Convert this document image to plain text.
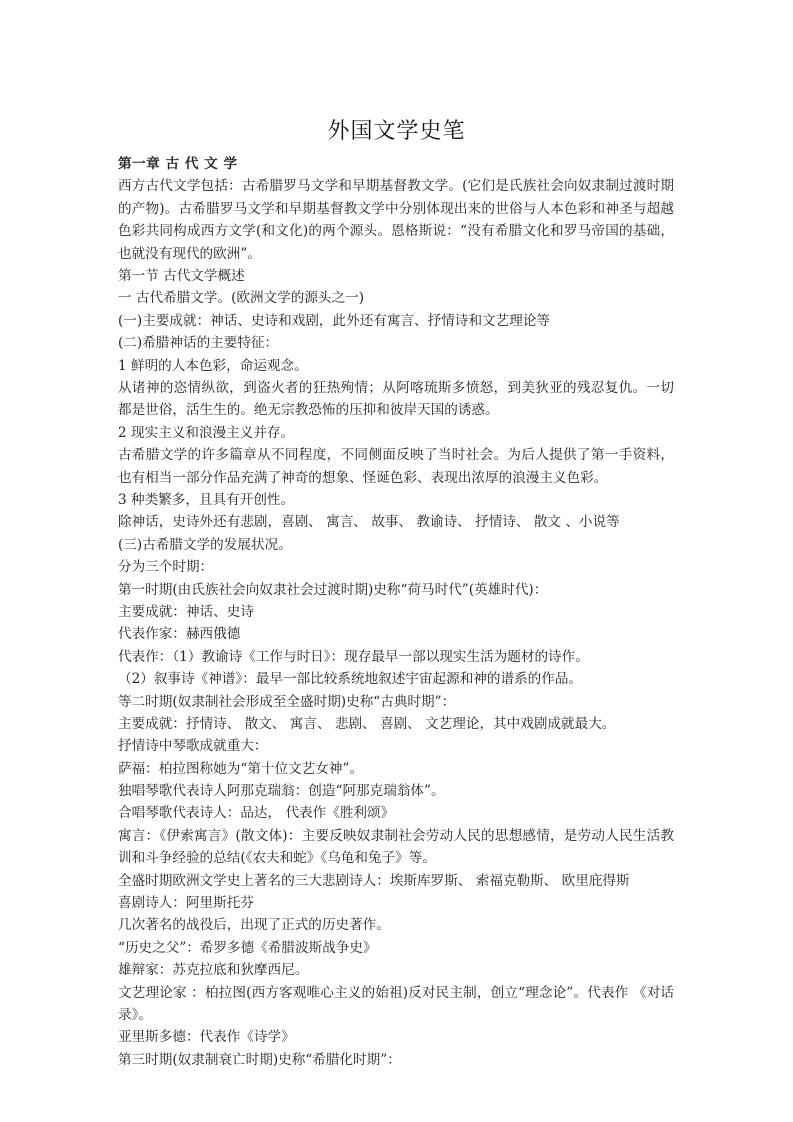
外国文学史笔
第一章 古 代 文 学
西方古代文学包括：古希腊罗马文学和早期基督教文学。(它们是氏族社会向奴隶制过渡时期的产物)。古希腊罗马文学和早期基督教文学中分别体现出来的世俗与人本色彩和神圣与超越色彩共同构成西方文学(和文化)的两个源头。恩格斯说：“没有希腊文化和罗马帝国的基础，也就没有现代的欧洲”。
第一节 古代文学概述
一 古代希腊文学。(欧洲文学的源头之一)
(一)主要成就：神话、史诗和戏剧，此外还有寓言、抒情诗和文艺理论等
(二)希腊神话的主要特征：
1 鲜明的人本色彩，命运观念。
从诸神的恣情纵欲，到盗火者的狂热殉情；从阿喀琉斯多愤怒，到美狄亚的残忍复仇。一切都是世俗，活生生的。绝无宗教恐怖的压抑和彼岸天国的诱惑。
2 现实主义和浪漫主义并存。
古希腊文学的许多篇章从不同程度，不同侧面反映了当时社会。为后人提供了第一手资料，也有相当一部分作品充满了神奇的想象、怪诞色彩、表现出浓厚的浪漫主义色彩。
3 种类繁多，且具有开创性。
除神话，史诗外还有悲剧，喜剧、 寓言、 故事、 教谕诗、 抒情诗、 散文 、小说等
(三)古希腊文学的发展状况。
分为三个时期：
第一时期(由氏族社会向奴隶社会过渡时期)史称“荷马时代”(英雄时代)：
主要成就：神话、史诗
代表作家：赫西俄德
代表作：（1）教谕诗《工作与时日》：现存最早一部以现实生活为题材的诗作。
（2）叙事诗《神谱》：最早一部比较系统地叙述宇宙起源和神的谱系的作品。
等二时期(奴隶制社会形成至全盛时期)史称“古典时期”：
主要成就：抒情诗、 散文、 寓言、 悲剧、 喜剧、 文艺理论，其中戏剧成就最大。
抒情诗中琴歌成就重大：
萨福：柏拉图称她为“第十位文艺女神”。
独唱琴歌代表诗人阿那克瑞翁：创造“阿那克瑞翁体”。
合唱琴歌代表诗人：品达， 代表作《胜利颂》
寓言：《伊索寓言》(散文体)：主要反映奴隶制社会劳动人民的思想感情，是劳动人民生活教训和斗争经验的总结(《农夫和蛇》《乌龟和兔子》等。
全盛时期欧洲文学史上著名的三大悲剧诗人：埃斯库罗斯、 索福克勒斯、 欧里庇得斯
喜剧诗人：阿里斯托芬
几次著名的战役后，出现了正式的历史著作。
“历史之父”：希罗多德《希腊波斯战争史》
雄辩家：苏克拉底和狄摩西尼。
文艺理论家 ：柏拉图(西方客观唯心主义的始祖)反对民主制，创立“理念论”。代表作 《对话录》。
亚里斯多德：代表作《诗学》
第三时期(奴隶制衰亡时期)史称“希腊化时期”：
